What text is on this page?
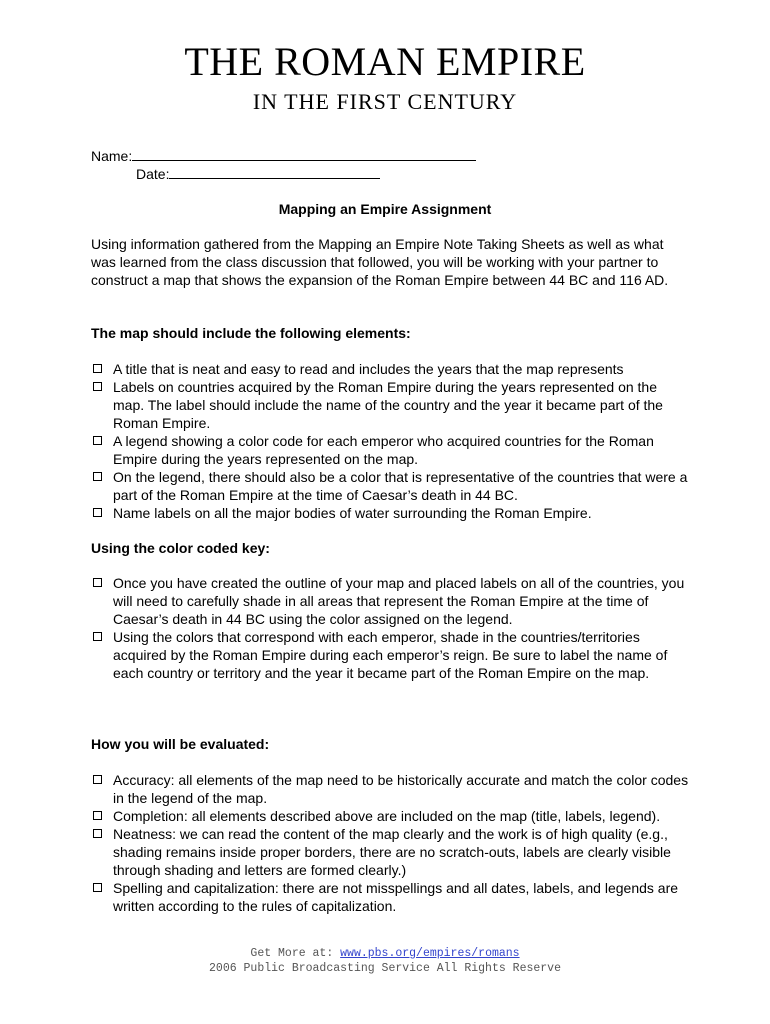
THE ROMAN EMPIRE
IN THE FIRST CENTURY
Name:
Date:
Mapping an Empire Assignment

Using information gathered from the Mapping an Empire Note Taking Sheets as well as what was learned from the class discussion that followed, you will be working with your partner to construct a map that shows the expansion of the Roman Empire between 44 BC and 116 AD.

The map should include the following elements:
A title that is neat and easy to read and includes the years that the map represents
Labels on countries acquired by the Roman Empire during the years represented on the map. The label should include the name of the country and the year it became part of the Roman Empire.
A legend showing a color code for each emperor who acquired countries for the Roman Empire during the years represented on the map.
On the legend, there should also be a color that is representative of the countries that were a part of the Roman Empire at the time of Caesar’s death in 44 BC.
Name labels on all the major bodies of water surrounding the Roman Empire.
Using the color coded key:
Once you have created the outline of your map and placed labels on all of the countries, you will need to carefully shade in all areas that represent the Roman Empire at the time of Caesar’s death in 44 BC using the color assigned on the legend.
Using the colors that correspond with each emperor, shade in the countries/territories acquired by the Roman Empire during each emperor’s reign. Be sure to label the name of each country or territory and the year it became part of the Roman Empire on the map.
How you will be evaluated:
Accuracy: all elements of the map need to be historically accurate and match the color codes in the legend of the map.
Completion: all elements described above are included on the map (title, labels, legend).
Neatness: we can read the content of the map clearly and the work is of high quality (e.g., shading remains inside proper borders, there are no scratch-outs, labels are clearly visible through shading and letters are formed clearly.)
Spelling and capitalization: there are not misspellings and all dates, labels, and legends are written according to the rules of capitalization.
Get More at: www.pbs.org/empires/romans
2006 Public Broadcasting Service All Rights Reserve
